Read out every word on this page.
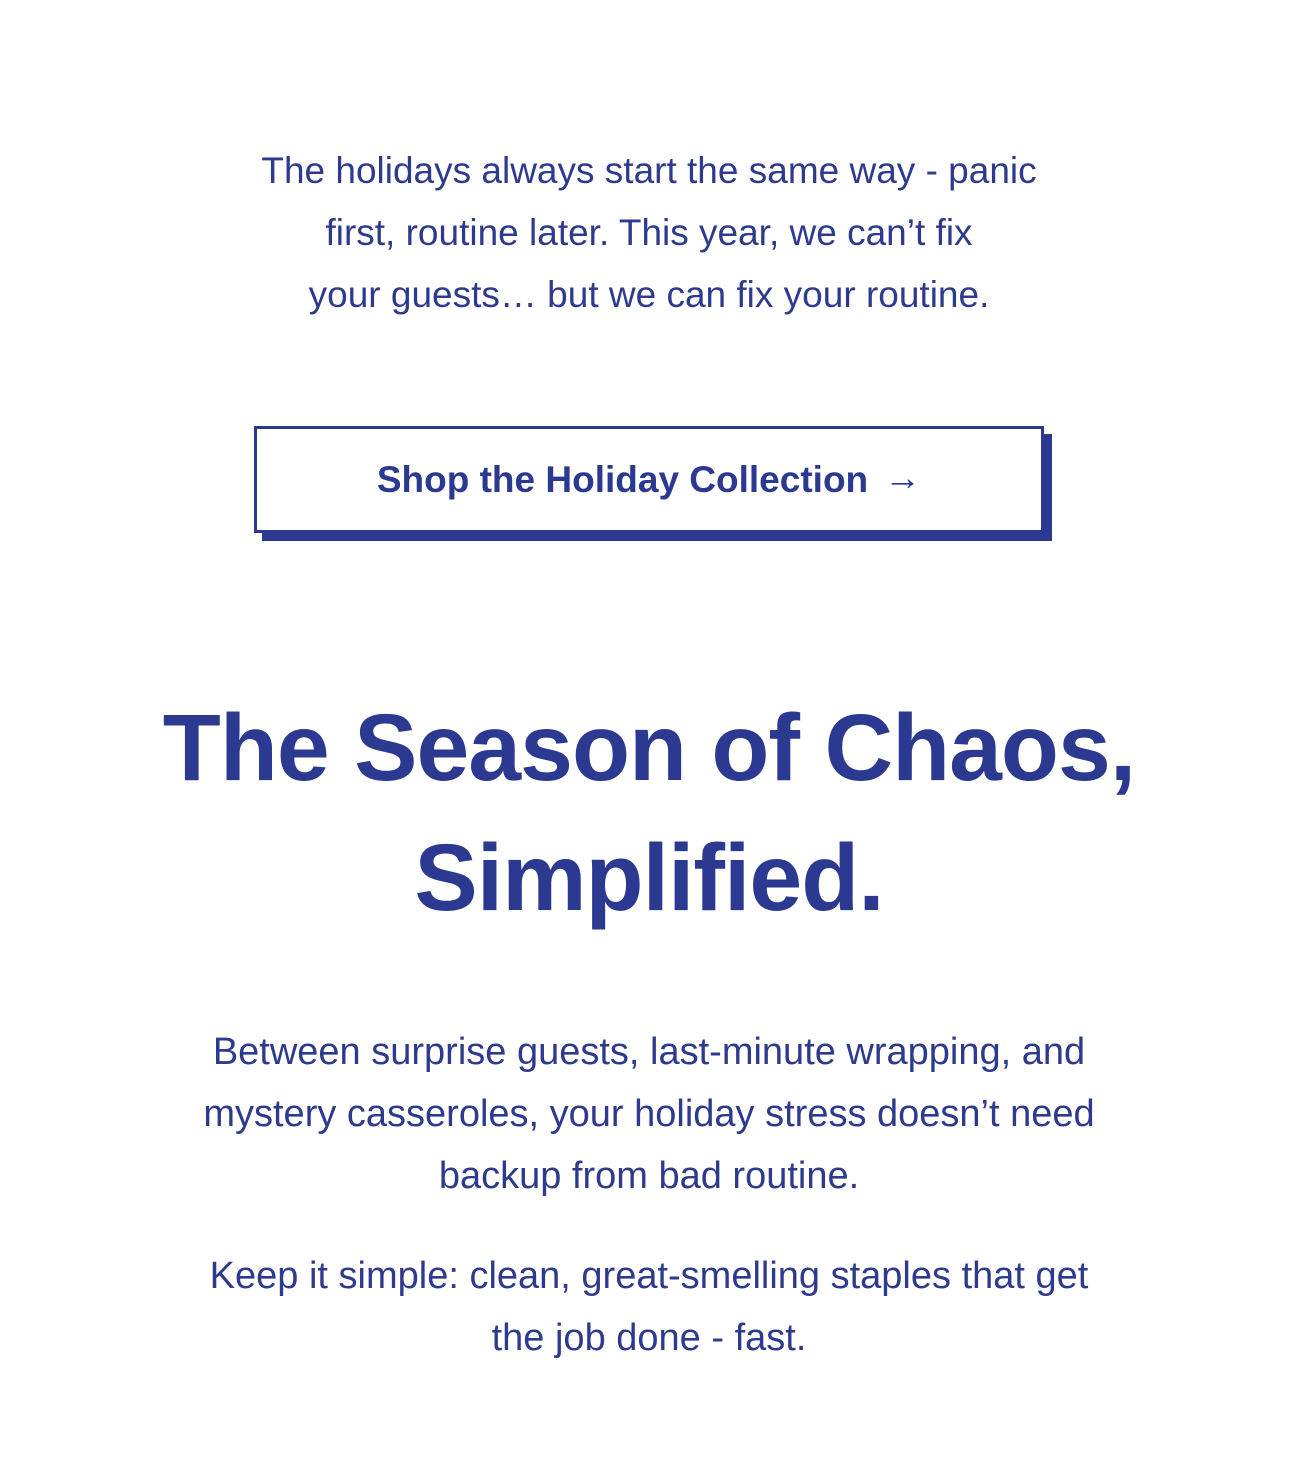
The holidays always start the same way - panic
first, routine later. This year, we can’t fix
your guests… but we can fix your routine.

Shop the Holiday Collection →
The Season of Chaos,
Simplified.

Between surprise guests, last-minute wrapping, and
mystery casseroles, your holiday stress doesn’t need
backup from bad routine.

Keep it simple: clean, great-smelling staples that get
the job done - fast.
